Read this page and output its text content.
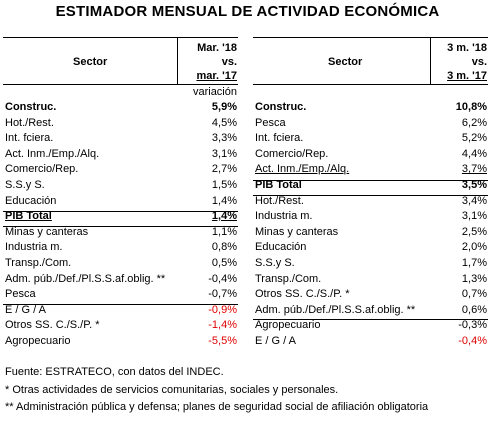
ESTIMADOR MENSUAL DE ACTIVIDAD ECONÓMICA
Sector
Mar. '18
vs.
mar. '17
variación
Sector
3 m. '18
vs.
3 m. '17
Construc.	5,9%
Hot./Rest.	4,5%
Int. fciera.	3,3%
Act. Inm./Emp./Alq.	3,1%
Comercio/Rep.	2,7%
S.S.y S.	1,5%
Educación	1,4%
PIB Total	1,4%
Minas y canteras	1,1%
Industria m.	0,8%
Transp./Com.	0,5%
Adm. púb./Def./Pl.S.S.af.oblig. **	-0,4%
Pesca	-0,7%
E / G / A	-0,9%
Otros SS. C./S./P. *	-1,4%
Agropecuario	-5,5%
Construc.	10,8%
Pesca	6,2%
Int. fciera.	5,2%
Comercio/Rep.	4,4%
Act. Inm./Emp./Alq.	3,7%
PIB Total	3,5%
Hot./Rest.	3,4%
Industria m.	3,1%
Minas y canteras	2,5%
Educación	2,0%
S.S.y S.	1,7%
Transp./Com.	1,3%
Otros SS. C./S./P. *	0,7%
Adm. púb./Def./Pl.S.S.af.oblig. **	0,6%
Agropecuario	-0,3%
E / G / A	-0,4%
Fuente: ESTRATECO, con datos del INDEC.
* Otras actividades de servicios comunitarias, sociales y personales.
** Administración pública y defensa; planes de seguridad social de afiliación obligatoria
